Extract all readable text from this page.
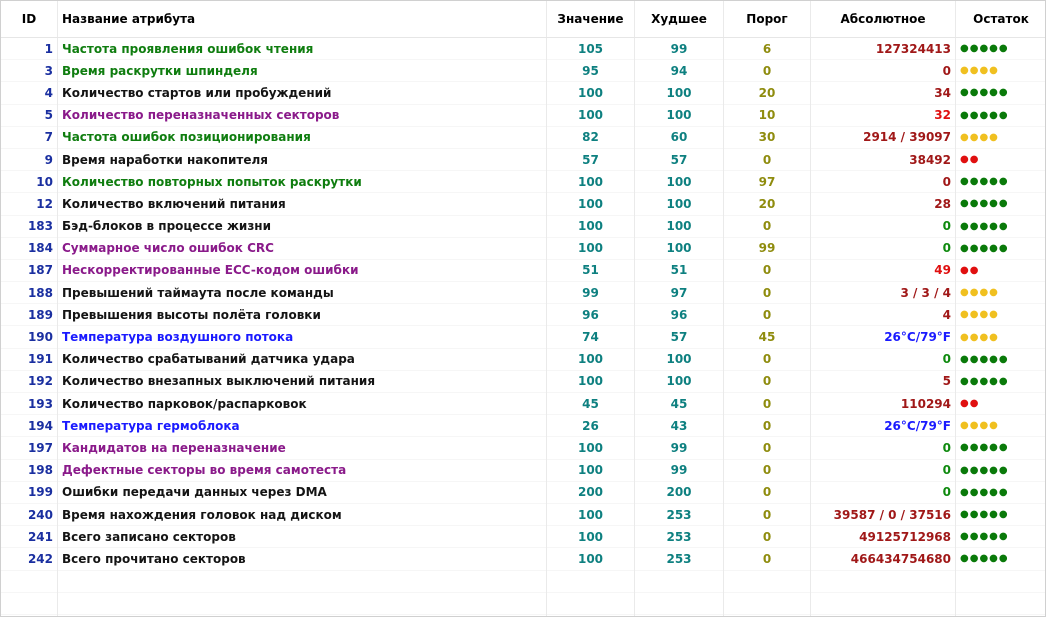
ID	Название атрибута	Значение	Худшее	Порог	Абсолютное	Остаток
1	Частота проявления ошибок чтения	105	99	6	127324413	●●●●●
3	Время раскрутки шпинделя	95	94	0	0	●●●●
4	Количество стартов или пробуждений	100	100	20	34	●●●●●
5	Количество переназначенных секторов	100	100	10	32	●●●●●
7	Частота ошибок позиционирования	82	60	30	2914 / 39097	●●●●
9	Время наработки накопителя	57	57	0	38492	●●
10	Количество повторных попыток раскрутки	100	100	97	0	●●●●●
12	Количество включений питания	100	100	20	28	●●●●●
183	Бэд-блоков в процессе жизни	100	100	0	0	●●●●●
184	Суммарное число ошибок CRC	100	100	99	0	●●●●●
187	Нескорректированные ECC-кодом ошибки	51	51	0	49	●●
188	Превышений таймаута после команды	99	97	0	3 / 3 / 4	●●●●
189	Превышения высоты полёта головки	96	96	0	4	●●●●
190	Температура воздушного потока	74	57	45	26°C/79°F	●●●●
191	Количество срабатываний датчика удара	100	100	0	0	●●●●●
192	Количество внезапных выключений питания	100	100	0	5	●●●●●
193	Количество парковок/распарковок	45	45	0	110294	●●
194	Температура гермоблока	26	43	0	26°C/79°F	●●●●
197	Кандидатов на переназначение	100	99	0	0	●●●●●
198	Дефектные секторы во время самотеста	100	99	0	0	●●●●●
199	Ошибки передачи данных через DMA	200	200	0	0	●●●●●
240	Время нахождения головок над диском	100	253	0	39587 / 0 / 37516	●●●●●
241	Всего записано секторов	100	253	0	49125712968	●●●●●
242	Всего прочитано секторов	100	253	0	466434754680	●●●●●
